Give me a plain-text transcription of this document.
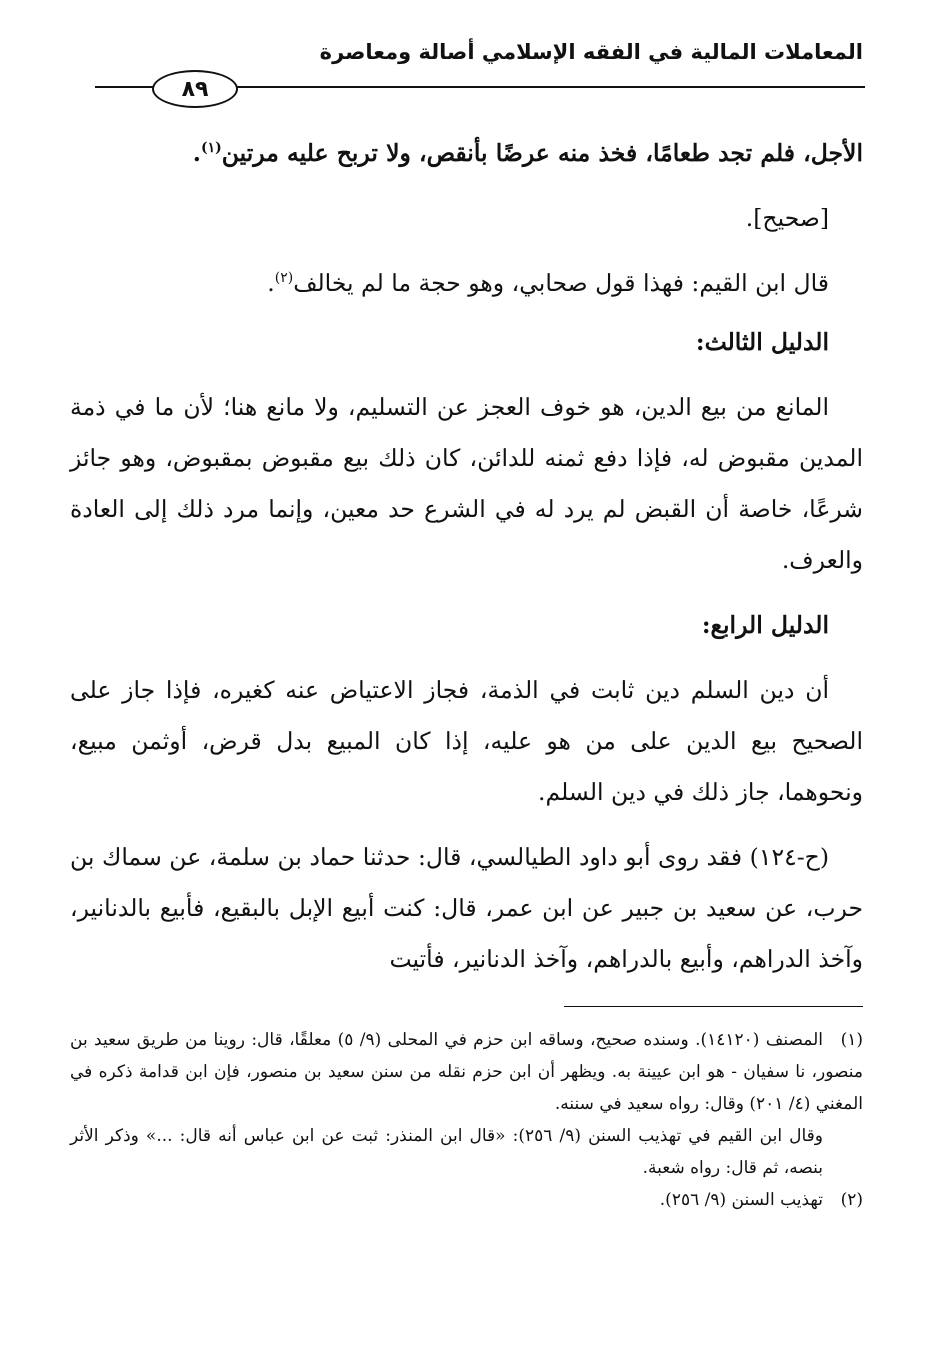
المعاملات المالية في الفقه الإسلامي أصالة ومعاصرة
٨٩

الأجل، فلم تجد طعامًا، فخذ منه عرضًا بأنقص، ولا تربح عليه مرتين$^{(١)}$.

[صحيح].

قال ابن القيم: فهذا قول صحابي، وهو حجة ما لم يخالف$^{(٢)}$.

الدليل الثالث:

المانع من بيع الدين، هو خوف العجز عن التسليم، ولا مانع هنا؛ لأن ما في ذمة المدين مقبوض له، فإذا دفع ثمنه للدائن، كان ذلك بيع مقبوض بمقبوض، وهو جائز شرعًا، خاصة أن القبض لم يرد له في الشرع حد معين، وإنما مرد ذلك إلى العادة والعرف.

الدليل الرابع:

أن دين السلم دين ثابت في الذمة، فجاز الاعتياض عنه كغيره، فإذا جاز على الصحيح بيع الدين على من هو عليه، إذا كان المبيع بدل قرض، أوثمن مبيع، ونحوهما، جاز ذلك في دين السلم.

(ح-١٢٤) فقد روى أبو داود الطيالسي، قال: حدثنا حماد بن سلمة، عن سماك بن حرب، عن سعيد بن جبير عن ابن عمر، قال: كنت أبيع الإبل بالبقيع، فأبيع بالدنانير، وآخذ الدراهم، وأبيع بالدراهم، وآخذ الدنانير، فأتيت

(١)المصنف (١٤١٢٠). وسنده صحيح، وساقه ابن حزم في المحلى (٩/ ٥) معلقًا، قال: روينا من طريق سعيد بن منصور، نا سفيان - هو ابن عيينة به. ويظهر أن ابن حزم نقله من سنن سعيد بن منصور، فإن ابن قدامة ذكره في المغني (٤/ ٢٠١) وقال: رواه سعيد في سننه.

وقال ابن القيم في تهذيب السنن (٩/ ٢٥٦): «قال ابن المنذر: ثبت عن ابن عباس أنه قال: ...» وذكر الأثر بنصه، ثم قال: رواه شعبة.

(٢)تهذيب السنن (٩/ ٢٥٦).
